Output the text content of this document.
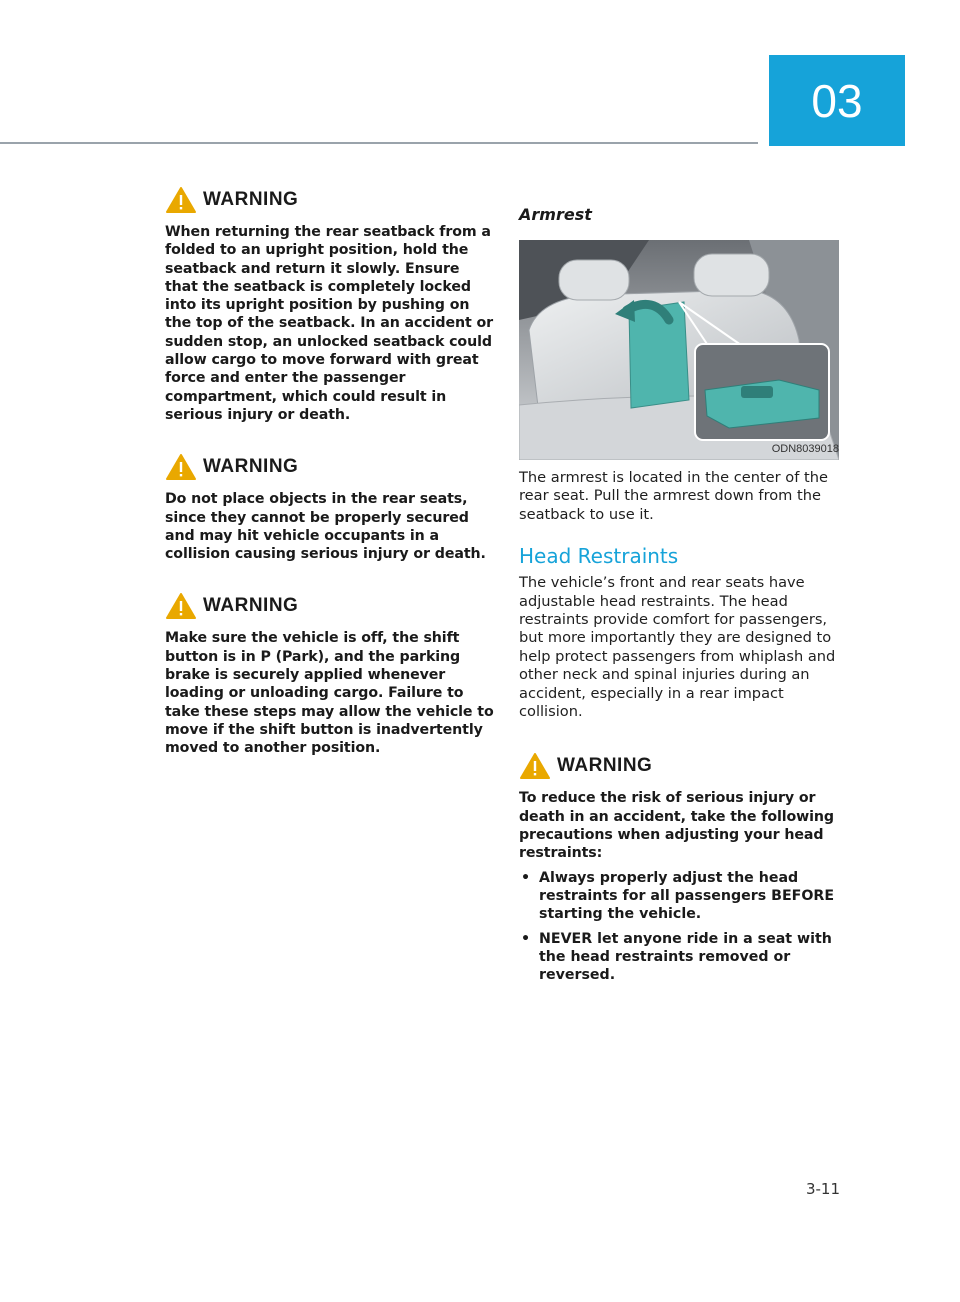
03
WARNING

When returning the rear seatback from a folded to an upright position, hold the seatback and return it slowly. Ensure that the seatback is completely locked into its upright position by pushing on the top of the seatback. In an accident or sudden stop, an unlocked seatback could allow cargo to move forward with great force and enter the passenger compartment, which could result in serious injury or death.

WARNING

Do not place objects in the rear seats, since they cannot be properly secured and may hit vehicle occupants in a collision causing serious injury or death.

WARNING

Make sure the vehicle is off, the shift button is in P (Park), and the parking brake is securely applied whenever loading or unloading cargo. Failure to take these steps may allow the vehicle to move if the shift button is inadvertently moved to another position.

Armrest
ODN8039018

The armrest is located in the center of the rear seat. Pull the armrest down from the seatback to use it.

Head Restraints

The vehicle’s front and rear seats have adjustable head restraints. The head restraints provide comfort for passengers, but more importantly they are designed to help protect passengers from whiplash and other neck and spinal injuries during an accident, especially in a rear impact collision.

WARNING

To reduce the risk of serious injury or death in an accident, take the following precautions when adjusting your head restraints:

• Always properly adjust the head restraints for all passengers BEFORE starting the vehicle.
• NEVER let anyone ride in a seat with the head restraints removed or reversed.
3-11
